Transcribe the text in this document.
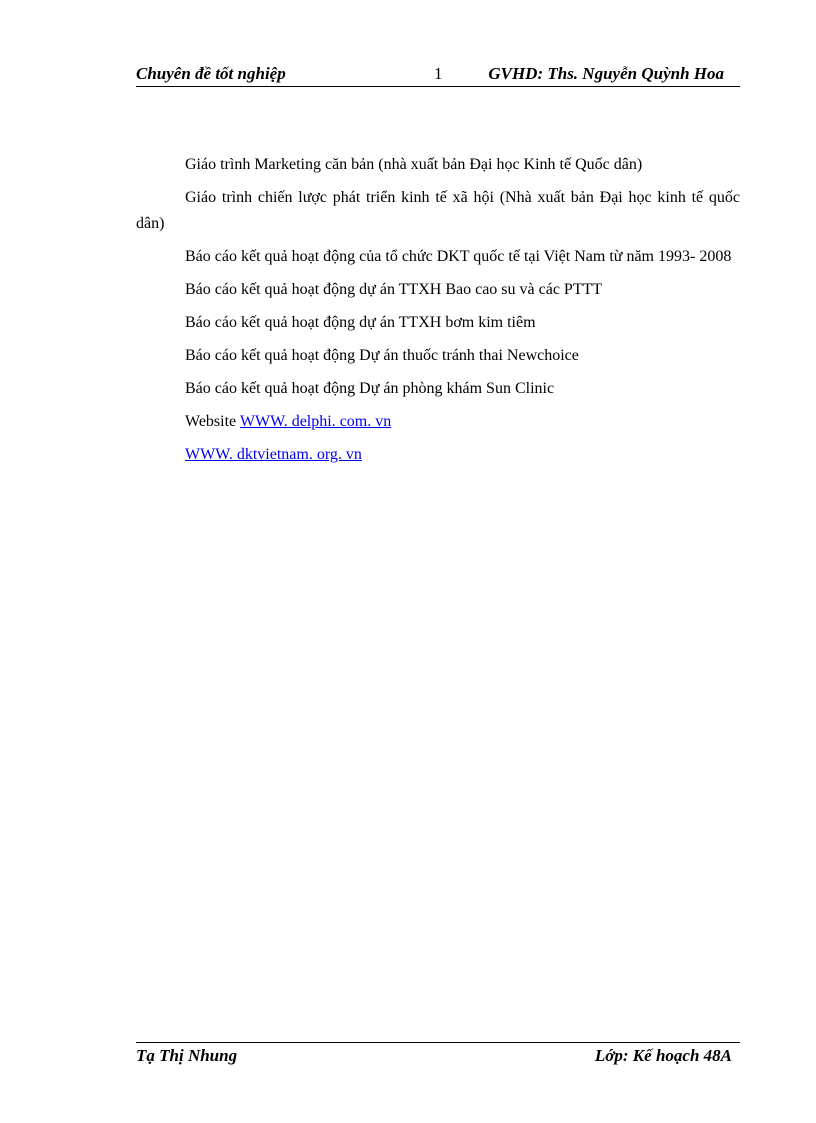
Chuyên đề tốt nghiệp	1	GVHD: Ths. Nguyễn Quỳnh Hoa

Giáo trình Marketing căn bản (nhà xuất bản Đại học Kinh tế Quốc dân)

Giáo trình chiến lược phát triển kinh tế xã hội (Nhà xuất bản Đại học kinh tế quốc dân)

Báo cáo kết quả hoạt động của tổ chức DKT quốc tế tại Việt Nam từ năm 1993- 2008

Báo cáo kết quả hoạt động dự án TTXH Bao cao su và các PTTT

Báo cáo kết quả hoạt động dự án TTXH bơm kim tiêm

Báo cáo kết quả hoạt động Dự án thuốc tránh thai Newchoice

Báo cáo kết quả hoạt động Dự án phòng khám Sun Clinic

Website WWW. delphi. com. vn

WWW. dktvietnam. org. vn

Tạ Thị Nhung	Lớp: Kế hoạch 48A
